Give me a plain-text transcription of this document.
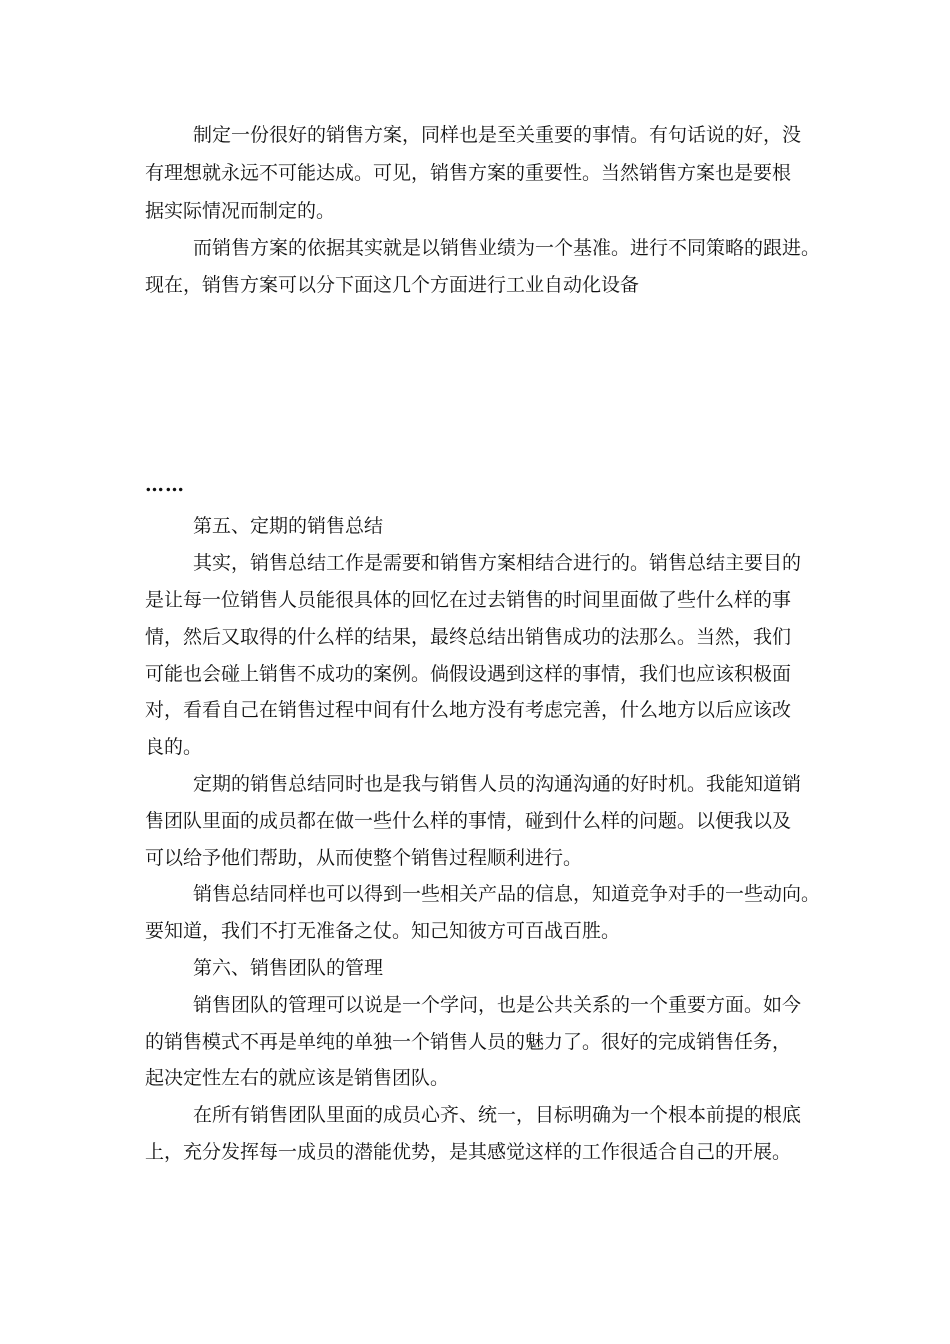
制定一份很好的销售方案，同样也是至关重要的事情。有句话说的好，没

有理想就永远不可能达成。可见，销售方案的重要性。当然销售方案也是要根

据实际情况而制定的。

而销售方案的依据其实就是以销售业绩为一个基准。进行不同策略的跟进。

现在，销售方案可以分下面这几个方面进行工业自动化设备

……

第五、定期的销售总结

其实，销售总结工作是需要和销售方案相结合进行的。销售总结主要目的

是让每一位销售人员能很具体的回忆在过去销售的时间里面做了些什么样的事

情，然后又取得的什么样的结果，最终总结出销售成功的法那么。当然，我们

可能也会碰上销售不成功的案例。倘假设遇到这样的事情，我们也应该积极面

对，看看自己在销售过程中间有什么地方没有考虑完善，什么地方以后应该改

良的。

定期的销售总结同时也是我与销售人员的沟通沟通的好时机。我能知道销

售团队里面的成员都在做一些什么样的事情，碰到什么样的问题。以便我以及

可以给予他们帮助，从而使整个销售过程顺利进行。

销售总结同样也可以得到一些相关产品的信息，知道竞争对手的一些动向。

要知道，我们不打无准备之仗。知己知彼方可百战百胜。

第六、销售团队的管理

销售团队的管理可以说是一个学问，也是公共关系的一个重要方面。如今

的销售模式不再是单纯的单独一个销售人员的魅力了。很好的完成销售任务，

起决定性左右的就应该是销售团队。

在所有销售团队里面的成员心齐、统一，目标明确为一个根本前提的根底

上，充分发挥每一成员的潜能优势，是其感觉这样的工作很适合自己的开展。
